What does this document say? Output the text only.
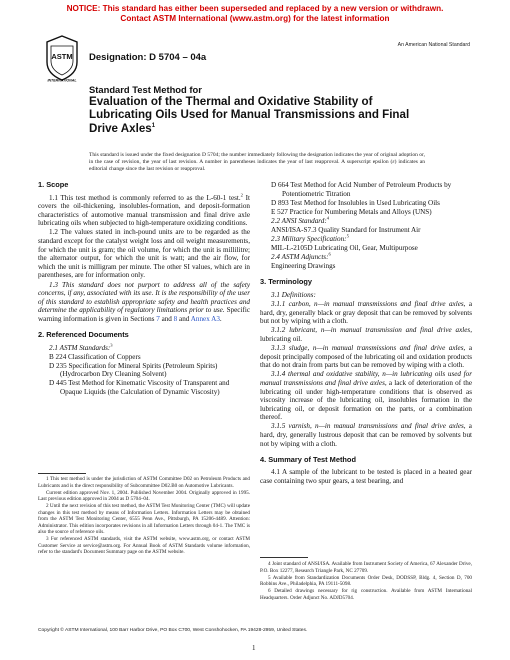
NOTICE: This standard has either been superseded and replaced by a new version or withdrawn.
Contact ASTM International (www.astm.org) for the latest information
ASTM
INTERNATIONAL
Designation: D 5704 – 04a
An American National Standard
Standard Test Method for
Evaluation of the Thermal and Oxidative Stability of
Lubricating Oils Used for Manual Transmissions and Final
Drive Axles$^1$
This standard is issued under the fixed designation D 5704; the number immediately following the designation indicates the year of original adoption or, in the case of revision, the year of last revision. A number in parentheses indicates the year of last reapproval. A superscript epsilon (ε) indicates an editorial change since the last revision or reapproval.
1. Scope
1.1 This test method is commonly referred to as the L-60-1 test.$^2$ It covers the oil-thickening, insolubles-formation, and deposit-formation characteristics of automotive manual transmission and final drive axle lubricating oils when subjected to high-temperature oxidizing conditions.
1.2 The values stated in inch-pound units are to be regarded as the standard except for the catalyst weight loss and oil weight measurements, for which the unit is gram; the oil volume, for which the unit is millilitre; the alternator output, for which the unit is watt; and the air flow, for which the unit is milligram per minute. The other SI values, which are in parentheses, are for information only.
1.3 This standard does not purport to address all of the safety concerns, if any, associated with its use. It is the responsibility of the user of this standard to establish appropriate safety and health practices and determine the applicability of regulatory limitations prior to use. Specific warning information is given in Sections 7 and 8 and Annex A3.
2. Referenced Documents
2.1 ASTM Standards:$^3$
B 224 Classification of Coppers
D 235 Specification for Mineral Spirits (Petroleum Spirits) (Hydrocarbon Dry Cleaning Solvent)
D 445 Test Method for Kinematic Viscosity of Transparent and Opaque Liquids (the Calculation of Dynamic Viscosity)
D 664 Test Method for Acid Number of Petroleum Products by Potentiometric Titration
D 893 Test Method for Insolubles in Used Lubricating Oils
E 527 Practice for Numbering Metals and Alloys (UNS)
2.2 ANSI Standard:$^4$
ANSI/ISA-S7.3 Quality Standard for Instrument Air
2.3 Military Specification:$^5$
MIL-L-2105D Lubricating Oil, Gear, Multipurpose
2.4 ASTM Adjuncts:$^6$
Engineering Drawings
3. Terminology
3.1 Definitions:
3.1.1 carbon, n—in manual transmissions and final drive axles, a hard, dry, generally black or gray deposit that can be removed by solvents but not by wiping with a cloth.
3.1.2 lubricant, n—in manual transmission and final drive axles, lubricating oil.
3.1.3 sludge, n—in manual transmissions and final drive axles, a deposit principally composed of the lubricating oil and oxidation products that do not drain from parts but can be removed by wiping with a cloth.
3.1.4 thermal and oxidative stability, n—in lubricating oils used for manual transmissions and final drive axles, a lack of deterioration of the lubricating oil under high-temperature conditions that is observed as viscosity increase of the lubricating oil, insolubles formation in the lubricating oil, or deposit formation on the parts, or a combination thereof.
3.1.5 varnish, n—in manual transmissions and final drive axles, a hard, dry, generally lustrous deposit that can be removed by solvents but not by wiping with a cloth.
4. Summary of Test Method
4.1 A sample of the lubricant to be tested is placed in a heated gear case containing two spur gears, a test bearing, and

1 This test method is under the jurisdiction of ASTM Committee D02 on Petroleum Products and Lubricants and is the direct responsibility of Subcommittee D02.B0 on Automotive Lubricants.

Current edition approved Nov. 1, 2004. Published November 2004. Originally approved in 1995. Last previous edition approved in 2004 as D 5704–04.

2 Until the next revision of this test method, the ASTM Test Monitoring Center (TMC) will update changes in this test method by means of Information Letters. Information Letters may be obtained from the ASTM Test Monitoring Center, 6555 Penn Ave., Pittsburgh, PA 15206-4489. Attention: Administrator. This edition incorporates revisions in all Information Letters through 04-1. The TMC is also the source of reference oils.

3 For referenced ASTM standards, visit the ASTM website, www.astm.org, or contact ASTM Customer Service at service@astm.org. For Annual Book of ASTM Standards volume information, refer to the standard's Document Summary page on the ASTM website.

4 Joint standard of ANSI/ISA. Available from Instrument Society of America, 67 Alexander Drive, P.O. Box 12277, Research Triangle Park, NC 27709.

5 Available from Standardization Documents Order Desk, DODSSP, Bldg. 4, Section D, 700 Robbins Ave., Philadelphia, PA 19111-5098.

6 Detailed drawings necessary for rig construction. Available from ASTM International Headquarters. Order Adjunct No. ADJD5704.

Copyright © ASTM International, 100 Barr Harbor Drive, PO Box C700, West Conshohocken, PA 19428-2959, United States.
1
